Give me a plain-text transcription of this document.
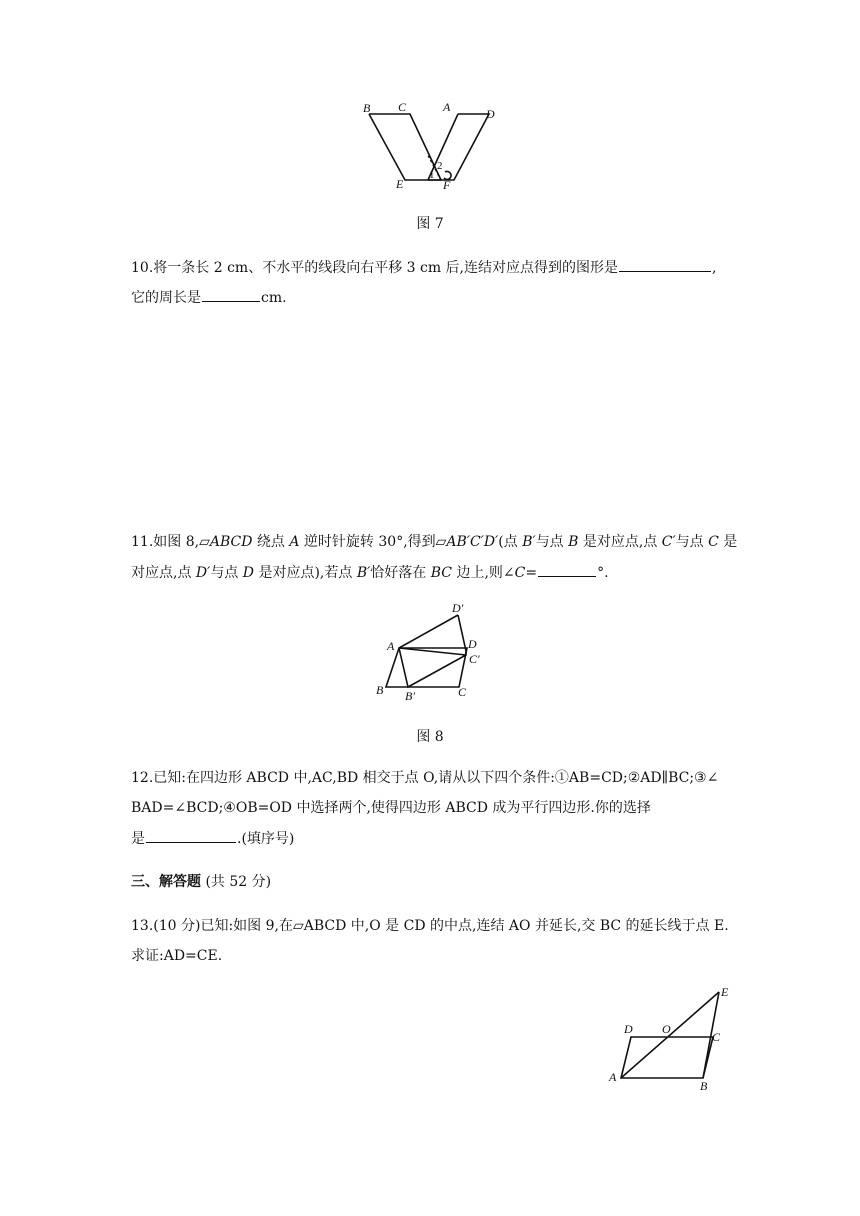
B C	A	D
E	F
1
2
图 7
10.将一条长 2 cm、不水平的线段向右平移 3 cm 后,连结对应点得到的图形是	,
它的周长是	cm.
11.如图 8,▱ABCD 绕点 A 逆时针旋转 30°,得到▱AB′C′D′(点 B′与点 B 是对应点,点 C′与点 C 是
对应点,点 D′与点 D 是对应点),若点 B′恰好落在 BC 边上,则∠C=	°.
D′
A	D
C′
B B′	C
图 8
12.已知:在四边形 ABCD 中,AC,BD 相交于点 O,请从以下四个条件:①AB=CD;②AD∥BC;③∠
BAD=∠BCD;④OB=OD 中选择两个,使得四边形 ABCD 成为平行四边形.你的选择
是	.(填序号)
三、解答题 (共 52 分)
13.(10 分)已知:如图 9,在▱ABCD 中,O 是 CD 的中点,连结 AO 并延长,交 BC 的延长线于点 E.
求证:AD=CE.
E
D O
C
A
B
